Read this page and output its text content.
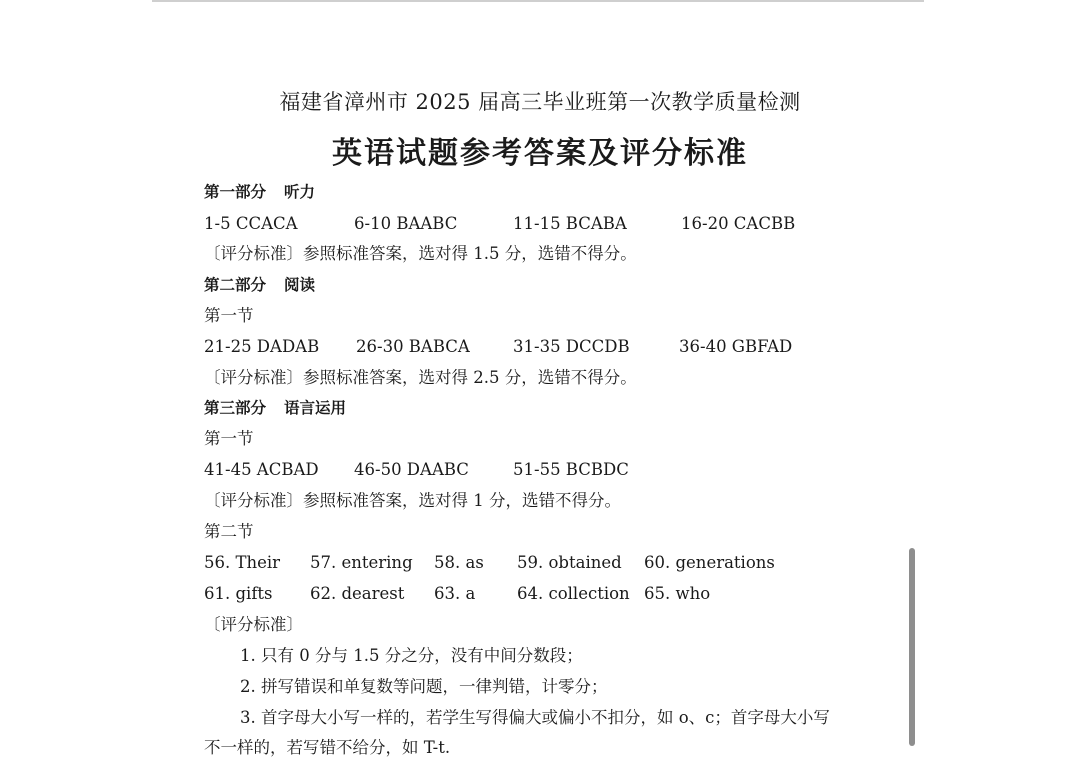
福建省漳州市 2025 届高三毕业班第一次教学质量检测
英语试题参考答案及评分标准
第一部分 听力
1-5 CCACA	6-10 BAABC	11-15 BCABA	16-20 CACBB
〔评分标准〕参照标准答案，选对得 1.5 分，选错不得分。
第二部分 阅读
第一节
21-25 DADAB 26-30 BABCA	31-35 DCCDB	36-40 GBFAD
〔评分标准〕参照标准答案，选对得 2.5 分，选错不得分。
第三部分 语言运用
第一节
41-45 ACBAD 46-50 DAABC	51-55 BCBDC
〔评分标准〕参照标准答案，选对得 1 分，选错不得分。
第二节
56. Their 57. entering 58. as 59. obtained 60. generations
61. gifts 62. dearest 63. a	64. collection 65. who
〔评分标准〕
1. 只有 0 分与 1.5 分之分，没有中间分数段；
2. 拼写错误和单复数等问题，一律判错，计零分；
3. 首字母大小写一样的，若学生写得偏大或偏小不扣分，如 o、c；首字母大小写
不一样的，若写错不给分，如 T-t.
